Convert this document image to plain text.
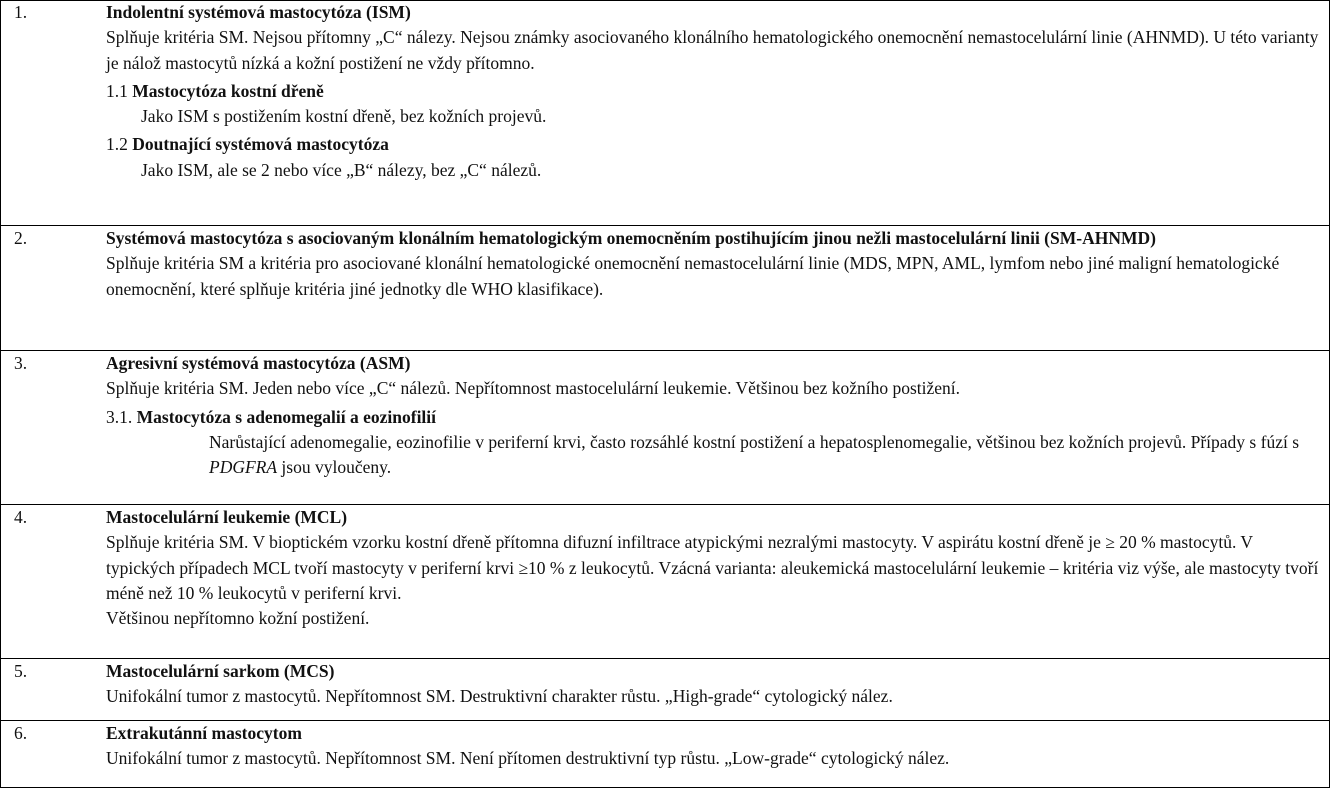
1.	Indolentní systémová mastocytóza (ISM)
Splňuje kritéria SM. Nejsou přítomny „C“ nálezy. Nejsou známky asociovaného klonálního hematologického onemocnění nemastocelulární linie (AHNMD). U této varianty je nálož mastocytů nízká a kožní postižení ne vždy přítomno.
1.1 Mastocytóza kostní dřeně
Jako ISM s postižením kostní dřeně, bez kožních projevů.
1.2 Doutnající systémová mastocytóza
Jako ISM, ale se 2 nebo více „B“ nálezy, bez „C“ nálezů.
2.	Systémová mastocytóza s asociovaným klonálním hematologickým onemocněním postihujícím jinou nežli mastocelulární linii (SM-AHNMD)
Splňuje kritéria SM a kritéria pro asociované klonální hematologické onemocnění nemastocelulární linie (MDS, MPN, AML, lymfom nebo jiné maligní hematologické onemocnění, které splňuje kritéria jiné jednotky dle WHO klasifikace).
3.	Agresivní systémová mastocytóza (ASM)
Splňuje kritéria SM. Jeden nebo více „C“ nálezů. Nepřítomnost mastocelulární leukemie. Většinou bez kožního postižení.
3.1. Mastocytóza s adenomegalií a eozinofilií
Narůstající adenomegalie, eozinofilie v periferní krvi, často rozsáhlé kostní postižení a hepatosplenomegalie, většinou bez kožních projevů. Případy s fúzí s PDGFRA jsou vyloučeny.
4.	Mastocelulární leukemie (MCL)
Splňuje kritéria SM. V bioptickém vzorku kostní dřeně přítomna difuzní infiltrace atypickými nezralými mastocyty. V aspirátu kostní dřeně je ≥ 20 % mastocytů. V typických případech MCL tvoří mastocyty v periferní krvi ≥10 % z leukocytů. Vzácná varianta: aleukemická mastocelulární leukemie – kritéria viz výše, ale mastocyty tvoří méně než 10 % leukocytů v periferní krvi.
Většinou nepřítomno kožní postižení.
5.	Mastocelulární sarkom (MCS)
Unifokální tumor z mastocytů. Nepřítomnost SM. Destruktivní charakter růstu. „High-grade“ cytologický nález.
6.	Extrakutánní mastocytom
Unifokální tumor z mastocytů. Nepřítomnost SM. Není přítomen destruktivní typ růstu. „Low-grade“ cytologický nález.
